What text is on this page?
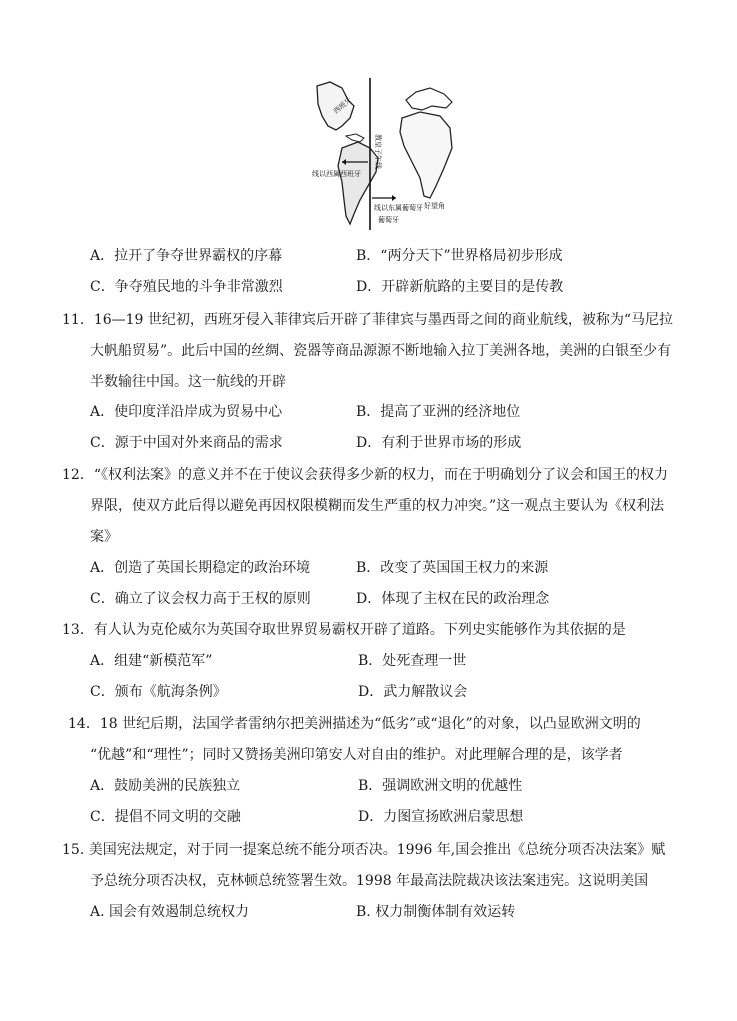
西班牙
线以西属西班牙
线以东属葡萄牙
葡萄牙
好望角
教皇子午线
A．拉开了争夺世界霸权的序幕	B．“两分天下”世界格局初步形成
C．争夺殖民地的斗争非常激烈	D．开辟新航路的主要目的是传教
11．16—19 世纪初，西班牙侵入菲律宾后开辟了菲律宾与墨西哥之间的商业航线，被称为“马尼拉
大帆船贸易”。此后中国的丝绸、瓷器等商品源源不断地输入拉丁美洲各地，美洲的白银至少有
半数输往中国。这一航线的开辟
A．使印度洋沿岸成为贸易中心	B．提高了亚洲的经济地位
C．源于中国对外来商品的需求	D．有利于世界市场的形成
12．“《权利法案》的意义并不在于使议会获得多少新的权力，而在于明确划分了议会和国王的权力
界限，使双方此后得以避免再因权限模糊而发生严重的权力冲突。”这一观点主要认为《权利法
案》
A．创造了英国长期稳定的政治环境	B．改变了英国国王权力的来源
C．确立了议会权力高于王权的原则	D．体现了主权在民的政治理念
13．有人认为克伦威尔为英国夺取世界贸易霸权开辟了道路。下列史实能够作为其依据的是
A．组建“新模范军”	B．处死查理一世
C．颁布《航海条例》	D．武力解散议会
14．18 世纪后期，法国学者雷纳尔把美洲描述为“低劣”或“退化”的对象，以凸显欧洲文明的
“优越”和“理性”；同时又赞扬美洲印第安人对自由的维护。对此理解合理的是，该学者
A．鼓励美洲的民族独立	B．强调欧洲文明的优越性
C．提倡不同文明的交融	D．力图宣扬欧洲启蒙思想
15. 美国宪法规定，对于同一提案总统不能分项否决。1996 年,国会推出《总统分项否决法案》赋
予总统分项否决权，克林顿总统签署生效。1998 年最高法院裁决该法案违宪。这说明美国
A. 国会有效遏制总统权力	B. 权力制衡体制有效运转
